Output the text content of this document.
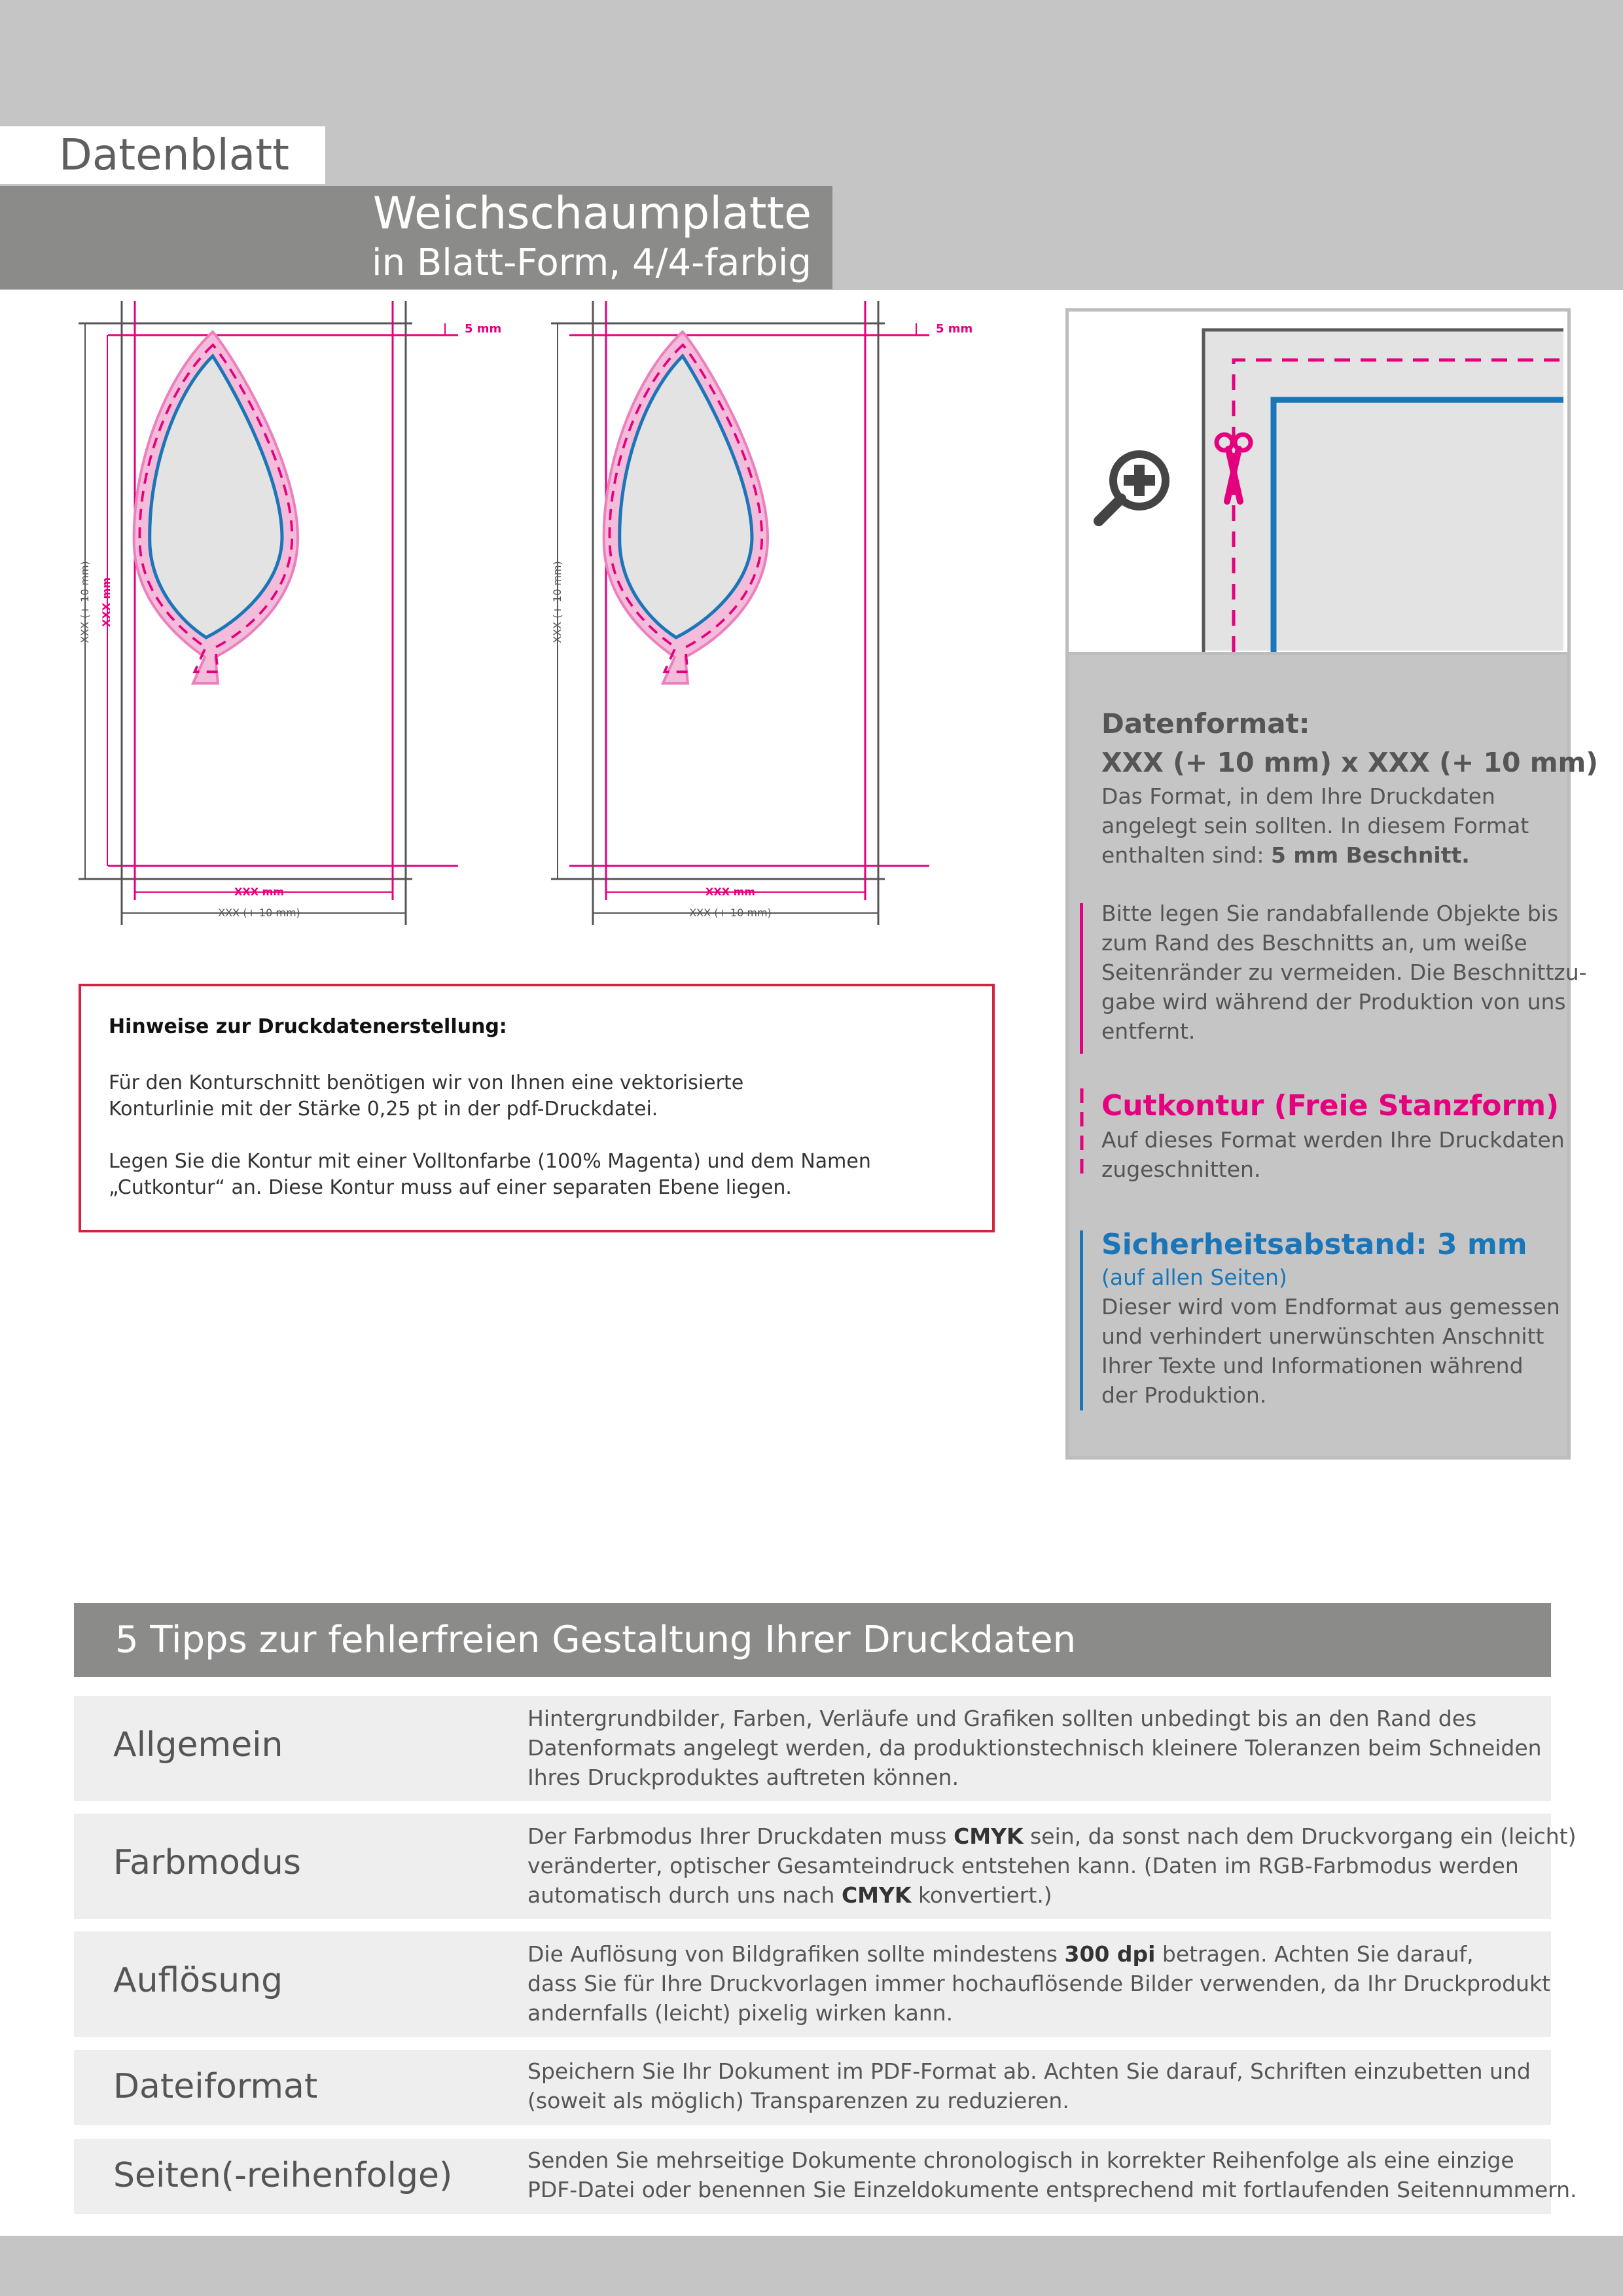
Datenblatt
Weichschaumplatte
in Blatt-Form, 4/4-farbig
5 mm
XXX mm
XXX (+ 10 mm)
XXX (+ 10 mm) XXX mm
5 mm
XXX mm
XXX (+ 10 mm)
XXX (+ 10 mm)
Hinweise zur Druckdatenerstellung:
Für den Konturschnitt benötigen wir von Ihnen eine vektorisierte
Konturlinie mit der Stärke 0,25 pt in der pdf-Druckdatei.
Legen Sie die Kontur mit einer Volltonfarbe (100% Magenta) und dem Namen
„Cutkontur“ an. Diese Kontur muss auf einer separaten Ebene liegen.
Datenformat:
XXX (+ 10 mm) x XXX (+ 10 mm)
Das Format, in dem Ihre Druckdaten
angelegt sein sollten. In diesem Format
enthalten sind: 5 mm Beschnitt.
Bitte legen Sie randabfallende Objekte bis
zum Rand des Beschnitts an, um weiße
Seitenränder zu vermeiden. Die Beschnittzu-
gabe wird während der Produktion von uns
entfernt.
Cutkontur (Freie Stanzform)
Auf dieses Format werden Ihre Druckdaten
zugeschnitten.
Sicherheitsabstand: 3 mm
(auf allen Seiten)
Dieser wird vom Endformat aus gemessen
und verhindert unerwünschten Anschnitt
Ihrer Texte und Informationen während
der Produktion.
5 Tipps zur fehlerfreien Gestaltung Ihrer Druckdaten
Allgemein
Hintergrundbilder, Farben, Verläufe und Grafiken sollten unbedingt bis an den Rand des
Datenformats angelegt werden, da produktionstechnisch kleinere Toleranzen beim Schneiden
Ihres Druckproduktes auftreten können.
Farbmodus
Der Farbmodus Ihrer Druckdaten muss CMYK sein, da sonst nach dem Druckvorgang ein (leicht)
veränderter, optischer Gesamteindruck entstehen kann. (Daten im RGB-Farbmodus werden
automatisch durch uns nach CMYK konvertiert.)
Auflösung
Die Auflösung von Bildgrafiken sollte mindestens 300 dpi betragen. Achten Sie darauf,
dass Sie für Ihre Druckvorlagen immer hochauflösende Bilder verwenden, da Ihr Druckprodukt
andernfalls (leicht) pixelig wirken kann.
Dateiformat	Speichern Sie Ihr Dokument im PDF-Format ab. Achten Sie darauf, Schriften einzubetten und
(soweit als möglich) Transparenzen zu reduzieren.
Seiten(-reihenfolge)	Senden Sie mehrseitige Dokumente chronologisch in korrekter Reihenfolge als eine einzige
PDF-Datei oder benennen Sie Einzeldokumente entsprechend mit fortlaufenden Seitennummern.
